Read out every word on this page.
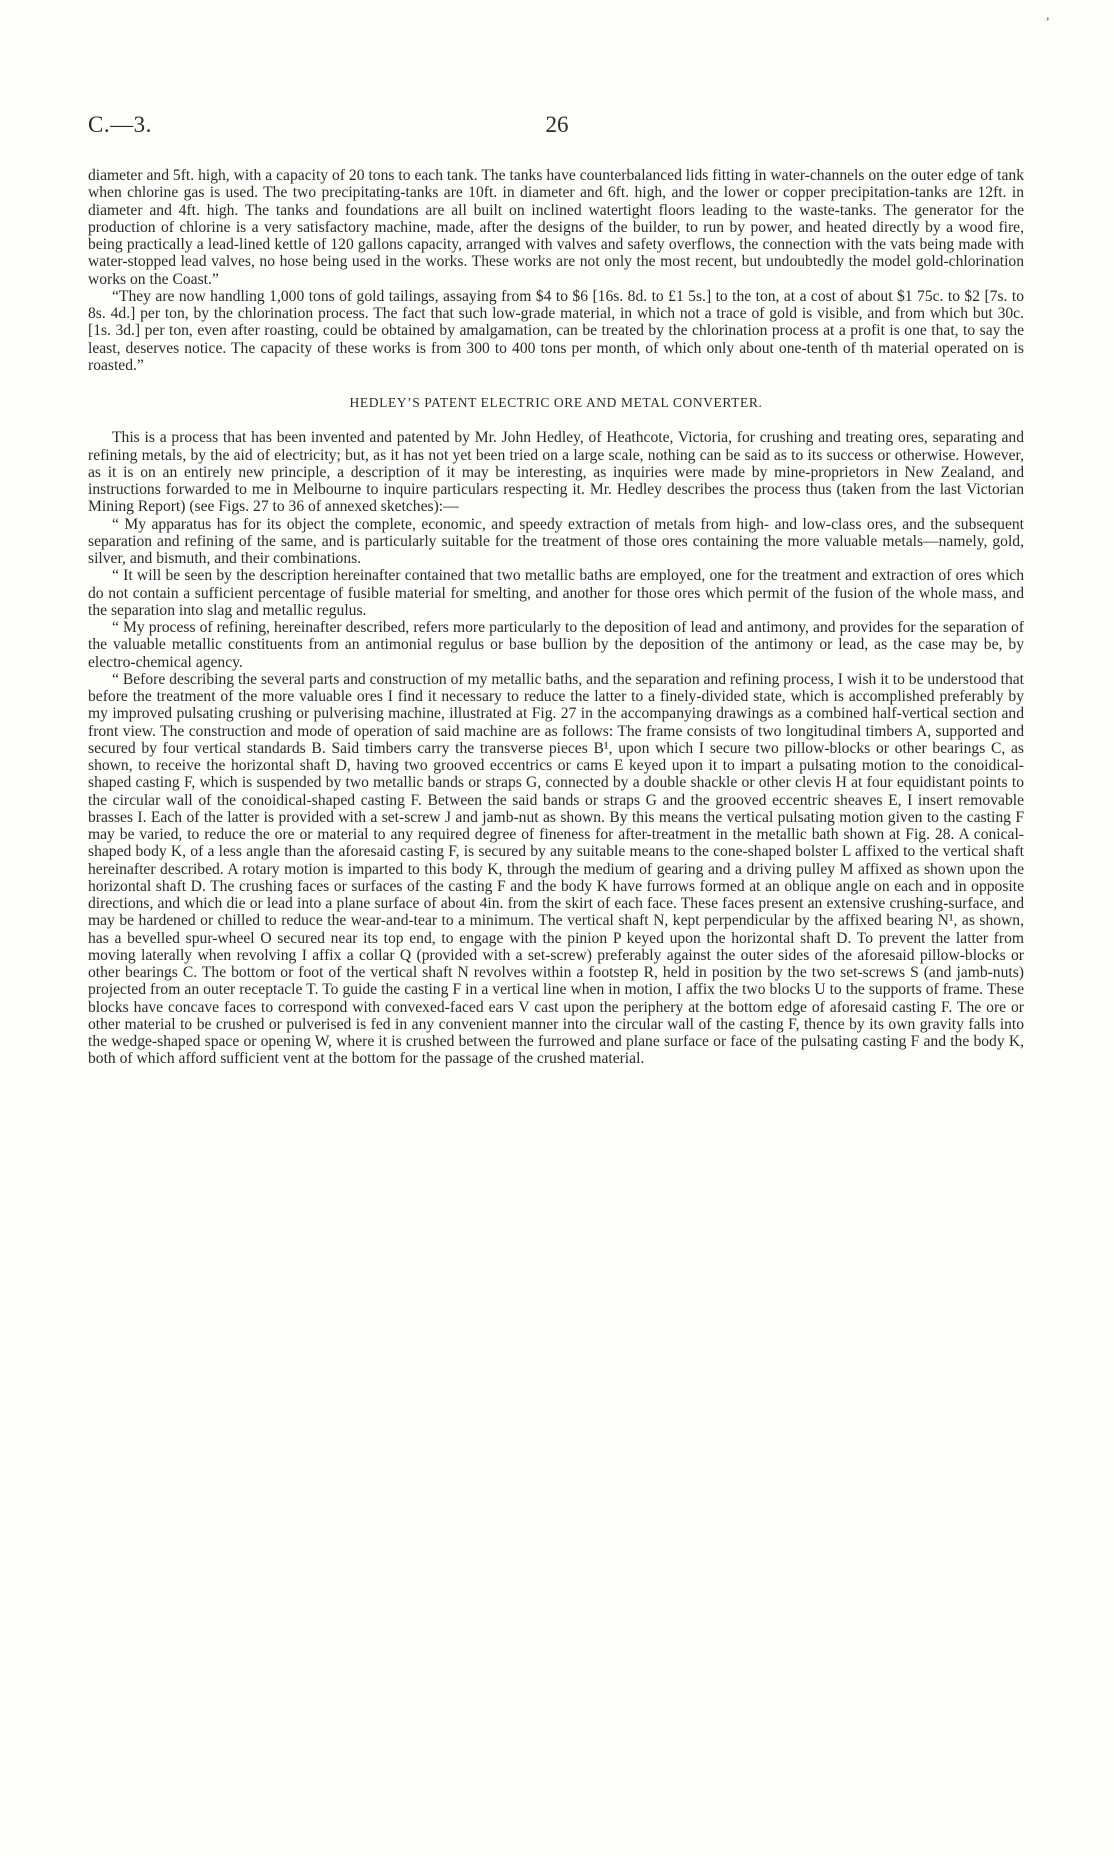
,
C.—3.	26

diameter and 5ft. high, with a capacity of 20 tons to each tank. The tanks have counterbalanced lids fitting in water-channels on the outer edge of tank when chlorine gas is used. The two precipitating-tanks are 10ft. in diameter and 6ft. high, and the lower or copper precipitation-tanks are 12ft. in diameter and 4ft. high. The tanks and foundations are all built on inclined watertight floors leading to the waste-tanks. The generator for the production of chlorine is a very satisfactory machine, made, after the designs of the builder, to run by power, and heated directly by a wood fire, being practically a lead-lined kettle of 120 gallons capacity, arranged with valves and safety overflows, the connection with the vats being made with water-stopped lead valves, no hose being used in the works. These works are not only the most recent, but undoubtedly the model gold-chlorination works on the Coast.”

“They are now handling 1,000 tons of gold tailings, assaying from $4 to $6 [16s. 8d. to £1 5s.] to the ton, at a cost of about $1 75c. to $2 [7s. to 8s. 4d.] per ton, by the chlorination process. The fact that such low-grade material, in which not a trace of gold is visible, and from which but 30c. [1s. 3d.] per ton, even after roasting, could be obtained by amalgamation, can be treated by the chlorination process at a profit is one that, to say the least, deserves notice. The capacity of these works is from 300 to 400 tons per month, of which only about one-tenth of th material operated on is roasted.”

HEDLEY’S PATENT ELECTRIC ORE AND METAL CONVERTER.

This is a process that has been invented and patented by Mr. John Hedley, of Heathcote, Victoria, for crushing and treating ores, separating and refining metals, by the aid of electricity; but, as it has not yet been tried on a large scale, nothing can be said as to its success or otherwise. However, as it is on an entirely new principle, a description of it may be interesting, as inquiries were made by mine-proprietors in New Zealand, and instructions forwarded to me in Melbourne to inquire particulars respecting it. Mr. Hedley describes the process thus (taken from the last Victorian Mining Report) (see Figs. 27 to 36 of annexed sketches):—

“ My apparatus has for its object the complete, economic, and speedy extraction of metals from high- and low-class ores, and the subsequent separation and refining of the same, and is particularly suitable for the treatment of those ores containing the more valuable metals—namely, gold, silver, and bismuth, and their combinations.

“ It will be seen by the description hereinafter contained that two metallic baths are employed, one for the treatment and extraction of ores which do not contain a sufficient percentage of fusible material for smelting, and another for those ores which permit of the fusion of the whole mass, and the separation into slag and metallic regulus.

“ My process of refining, hereinafter described, refers more particularly to the deposition of lead and antimony, and provides for the separation of the valuable metallic constituents from an antimonial regulus or base bullion by the deposition of the antimony or lead, as the case may be, by electro-chemical agency.

“ Before describing the several parts and construction of my metallic baths, and the separation and refining process, I wish it to be understood that before the treatment of the more valuable ores I find it necessary to reduce the latter to a finely-divided state, which is accomplished preferably by my improved pulsating crushing or pulverising machine, illustrated at Fig. 27 in the accompanying drawings as a combined half-vertical section and front view. The construction and mode of operation of said machine are as follows: The frame consists of two longitudinal timbers A, supported and secured by four vertical standards B. Said timbers carry the transverse pieces B¹, upon which I secure two pillow-blocks or other bearings C, as shown, to receive the horizontal shaft D, having two grooved eccentrics or cams E keyed upon it to impart a pulsating motion to the conoidical-shaped casting F, which is suspended by two metallic bands or straps G, connected by a double shackle or other clevis H at four equidistant points to the circular wall of the conoidical-shaped casting F. Between the said bands or straps G and the grooved eccentric sheaves E, I insert removable brasses I. Each of the latter is provided with a set-screw J and jamb-nut as shown. By this means the vertical pulsating motion given to the casting F may be varied, to reduce the ore or material to any required degree of fineness for after-treatment in the metallic bath shown at Fig. 28. A conical-shaped body K, of a less angle than the aforesaid casting F, is secured by any suitable means to the cone-shaped bolster L affixed to the vertical shaft hereinafter described. A rotary motion is imparted to this body K, through the medium of gearing and a driving pulley M affixed as shown upon the horizontal shaft D. The crushing faces or surfaces of the casting F and the body K have furrows formed at an oblique angle on each and in opposite directions, and which die or lead into a plane surface of about 4in. from the skirt of each face. These faces present an extensive crushing-surface, and may be hardened or chilled to reduce the wear-and-tear to a minimum. The vertical shaft N, kept perpendicular by the affixed bearing N¹, as shown, has a bevelled spur-wheel O secured near its top end, to engage with the pinion P keyed upon the horizontal shaft D. To prevent the latter from moving laterally when revolving I affix a collar Q (provided with a set-screw) preferably against the outer sides of the aforesaid pillow-blocks or other bearings C. The bottom or foot of the vertical shaft N revolves within a footstep R, held in position by the two set-screws S (and jamb-nuts) projected from an outer receptacle T. To guide the casting F in a vertical line when in motion, I affix the two blocks U to the supports of frame. These blocks have concave faces to correspond with convexed-faced ears V cast upon the periphery at the bottom edge of aforesaid casting F. The ore or other material to be crushed or pulverised is fed in any convenient manner into the circular wall of the casting F, thence by its own gravity falls into the wedge-shaped space or opening W, where it is crushed between the furrowed and plane surface or face of the pulsating casting F and the body K, both of which afford sufficient vent at the bottom for the passage of the crushed material.
